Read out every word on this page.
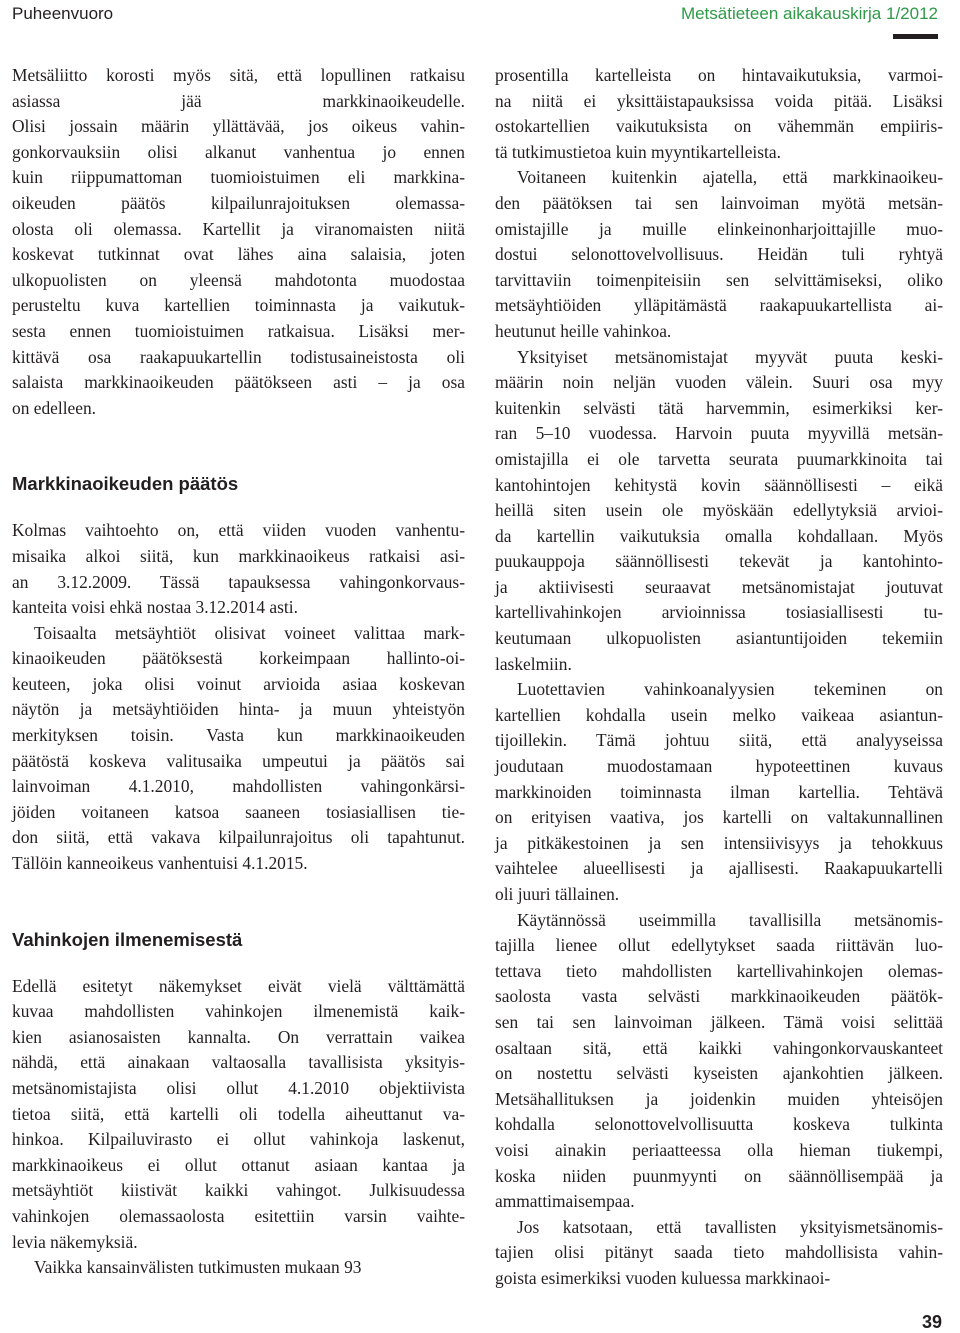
Puheenvuoro	Metsätieteen aikakauskirja 1/2012
Metsäliitto korosti myös sitä, että lopullinen ratkaisu
asiassa jää markkinaoikeudelle.
Olisi jossain määrin yllättävää, jos oikeus vahin-
gonkorvauksiin olisi alkanut vanhentua jo ennen
kuin riippumattoman tuomioistuimen eli markkina-
oikeuden päätös kilpailunrajoituksen olemassa-
olosta oli olemassa. Kartellit ja viranomaisten niitä
koskevat tutkinnat ovat lähes aina salaisia, joten
ulkopuolisten on yleensä mahdotonta muodostaa
perusteltu kuva kartellien toiminnasta ja vaikutuk-
sesta ennen tuomioistuimen ratkaisua. Lisäksi mer-
kittävä osa raakapuukartellin todistusaineistosta oli
salaista markkinaoikeuden päätökseen asti – ja osa
on edelleen.
Markkinaoikeuden päätös
Kolmas vaihtoehto on, että viiden vuoden vanhentu-
misaika alkoi siitä, kun markkinaoikeus ratkaisi asi-
an 3.12.2009. Tässä tapauksessa vahingonkorvaus-
kanteita voisi ehkä nostaa 3.12.2014 asti.
Toisaalta metsäyhtiöt olisivat voineet valittaa mark-
kinaoikeuden päätöksestä korkeimpaan hallinto-oi-
keuteen, joka olisi voinut arvioida asiaa koskevan
näytön ja metsäyhtiöiden hinta- ja muun yhteistyön
merkityksen toisin. Vasta kun markkinaoikeuden
päätöstä koskeva valitusaika umpeutui ja päätös sai
lainvoiman 4.1.2010, mahdollisten vahingonkärsi-
jöiden voitaneen katsoa saaneen tosiasiallisen tie-
don siitä, että vakava kilpailunrajoitus oli tapahtunut.
Tällöin kanneoikeus vanhentuisi 4.1.2015.
Vahinkojen ilmenemisestä
Edellä esitetyt näkemykset eivät vielä välttämättä
kuvaa mahdollisten vahinkojen ilmenemistä kaik-
kien asianosaisten kannalta. On verrattain vaikea
nähdä, että ainakaan valtaosalla tavallisista yksityis-
metsänomistajista olisi ollut 4.1.2010 objektiivista
tietoa siitä, että kartelli oli todella aiheuttanut va-
hinkoa. Kilpailuvirasto ei ollut vahinkoja laskenut,
markkinaoikeus ei ollut ottanut asiaan kantaa ja
metsäyhtiöt kiistivät kaikki vahingot. Julkisuudessa
vahinkojen olemassaolosta esitettiin varsin vaihte-
levia näkemyksiä.
Vaikka kansainvälisten tutkimusten mukaan 93
prosentilla kartelleista on hintavaikutuksia, varmoi-
na niitä ei yksittäistapauksissa voida pitää. Lisäksi
ostokartellien vaikutuksista on vähemmän empiiris-
tä tutkimustietoa kuin myyntikartelleista.
Voitaneen kuitenkin ajatella, että markkinaoikeu-
den päätöksen tai sen lainvoiman myötä metsän-
omistajille ja muille elinkeinonharjoittajille muo-
dostui selonottovelvollisuus. Heidän tuli ryhtyä
tarvittaviin toimenpiteisiin sen selvittämiseksi, oliko
metsäyhtiöiden ylläpitämästä raakapuukartellista ai-
heutunut heille vahinkoa.
Yksityiset metsänomistajat myyvät puuta keski-
määrin noin neljän vuoden välein. Suuri osa myy
kuitenkin selvästi tätä harvemmin, esimerkiksi ker-
ran 5–10 vuodessa. Harvoin puuta myyvillä metsän-
omistajilla ei ole tarvetta seurata puumarkkinoita tai
kantohintojen kehitystä kovin säännöllisesti – eikä
heillä siten usein ole myöskään edellytyksiä arvioi-
da kartellin vaikutuksia omalla kohdallaan. Myös
puukauppoja säännöllisesti tekevät ja kantohinto-
ja aktiivisesti seuraavat metsänomistajat joutuvat
kartellivahinkojen arvioinnissa tosiasiallisesti tu-
keutumaan ulkopuolisten asiantuntijoiden tekemiin
laskelmiin.
Luotettavien vahinkoanalyysien tekeminen on
kartellien kohdalla usein melko vaikeaa asiantun-
tijoillekin. Tämä johtuu siitä, että analyyseissa
joudutaan muodostamaan hypoteettinen kuvaus
markkinoiden toiminnasta ilman kartellia. Tehtävä
on erityisen vaativa, jos kartelli on valtakunnallinen
ja pitkäkestoinen ja sen intensiivisyys ja tehokkuus
vaihtelee alueellisesti ja ajallisesti. Raakapuukartelli
oli juuri tällainen.
Käytännössä useimmilla tavallisilla metsänomis-
tajilla lienee ollut edellytykset saada riittävän luo-
tettava tieto mahdollisten kartellivahinkojen olemas-
saolosta vasta selvästi markkinaoikeuden päätök-
sen tai sen lainvoiman jälkeen. Tämä voisi selittää
osaltaan sitä, että kaikki vahingonkorvauskanteet
on nostettu selvästi kyseisten ajankohtien jälkeen.
Metsähallituksen ja joidenkin muiden yhteisöjen
kohdalla selonottovelvollisuutta koskeva tulkinta
voisi ainakin periaatteessa olla hieman tiukempi,
koska niiden puunmyynti on säännöllisempää ja
ammattimaisempaa.
Jos katsotaan, että tavallisten yksityismetsänomis-
tajien olisi pitänyt saada tieto mahdollisista vahin-
goista esimerkiksi vuoden kuluessa markkinaoi-
39
